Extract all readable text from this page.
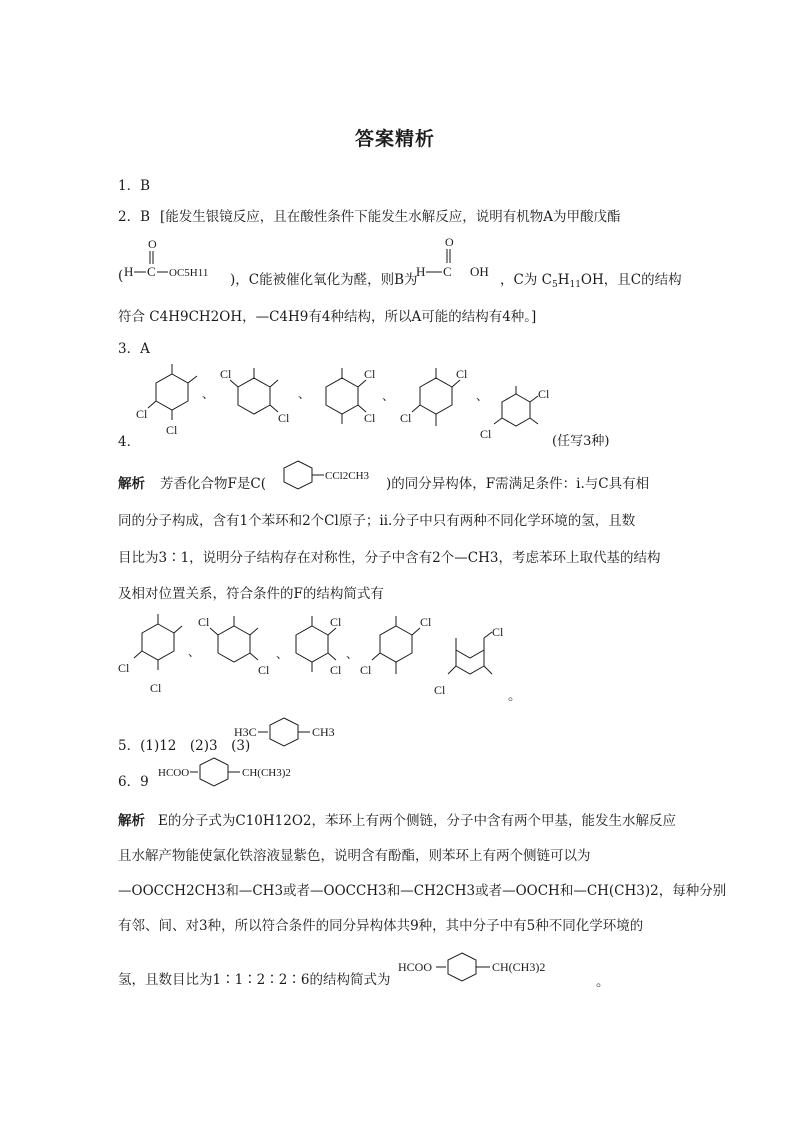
答案精析
1．B
2．B [能发生银镜反应，且在酸性条件下能发生水解反应，说明有机物A为甲酸戊酯
(
O
H C OC5H11 )，C能被催化氧化为醛，则B为
O
H C OH
，C为 $C_5H_{11}OH$，且C的结构
符合 C4H9CH2OH，—C4H9有4种结构，所以A可能的结构有4种。]
3．A
4．
Cl
Cl
、
Cl
Cl
、
Cl
Cl
、
Cl
Cl
、	Cl
Cl	(任写3种)
解析 芳香化合物F是C(	CCl2CH3 )的同分异构体，F需满足条件：ⅰ.与C具有相
同的分子构成，含有1个苯环和2个Cl原子；ⅱ.分子中只有两种不同化学环境的氢，且数
目比为3∶1，说明分子结构存在对称性，分子中含有2个—CH3，考虑苯环上取代基的结构
及相对位置关系，符合条件的F的结构简式有
Cl
Cl
、
Cl
Cl
、
Cl
Cl
、
Cl
Cl
Cl
Cl	。
5．(1)12　(2)3　(3)
H3C	CH3
6．9
HCOO	CH(CH3)2
解析 E的分子式为C10H12O2，苯环上有两个侧链，分子中含有两个甲基，能发生水解反应
且水解产物能使氯化铁溶液显紫色，说明含有酚酯，则苯环上有两个侧链可以为
—OOCCH2CH3和—CH3或者—OOCCH3和—CH2CH3或者—OOCH和—CH(CH3)2，每种分别
有邻、间、对3种，所以符合条件的同分异构体共9种，其中分子中有5种不同化学环境的
氢，且数目比为1∶1∶2∶2∶6的结构简式为
HCOO	CH(CH3)2
。
